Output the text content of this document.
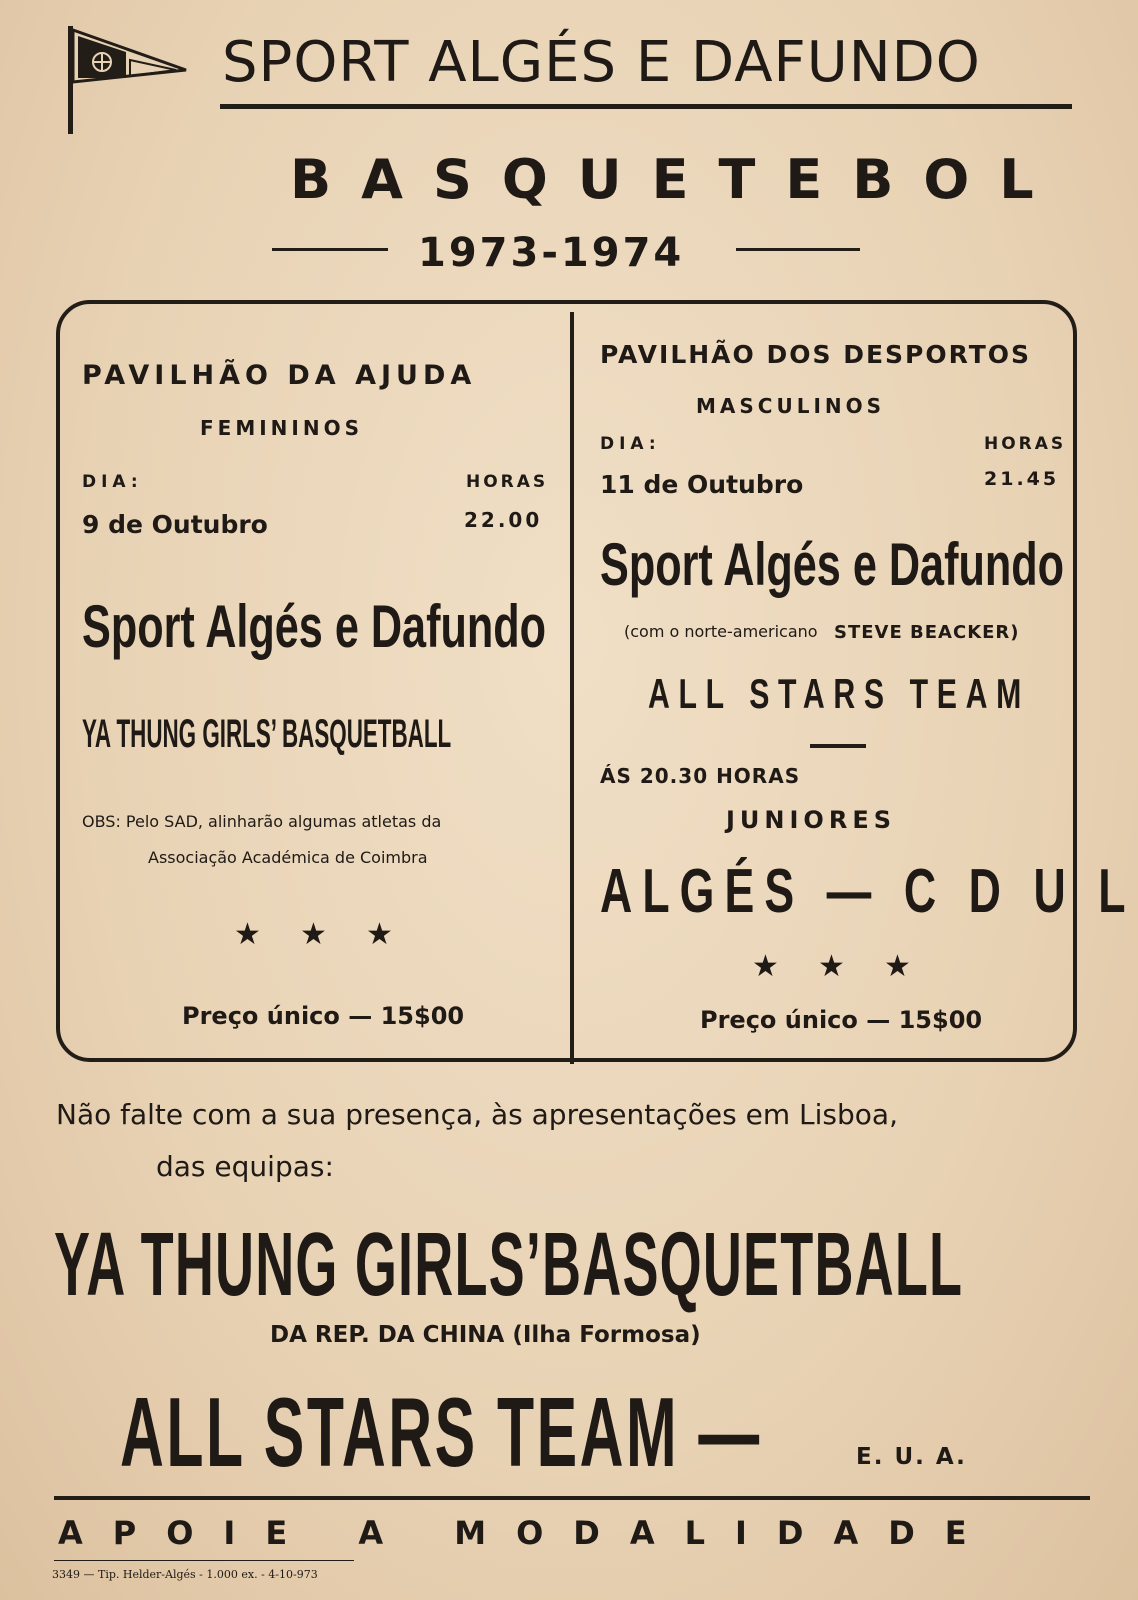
SPORT ALGÉS E DAFUNDO
BASQUETEBOL
1973-1974
PAVILHÃO DA AJUDA
FEMININOS
DIA:	HORAS
9 de Outubro	22.00
Sport Algés e Dafundo
YA THUNG GIRLS’ BASQUETBALL
OBS: Pelo SAD, alinharão algumas atletas da
Associação Académica de Coimbra
★ ★ ★
Preço único — 15$00
PAVILHÃO DOS DESPORTOS
MASCULINOS
DIA:	HORAS
11 de Outubro	21.45
Sport Algés e Dafundo
(com o norte-americano STEVE BEACKER)
ALL STARS TEAM
ÁS 20.30 HORAS
JUNIORES
ALGÉS — C D U L
★ ★ ★
Preço único — 15$00
Não falte com a sua presença, às apresentações em Lisboa,
das equipas:
YA THUNG GIRLS’BASQUETBALL
DA REP. DA CHINA (Ilha Formosa)
ALL STARS TEAM —	E. U. A.
APOIE A MODALIDADE
3349 — Tip. Helder-Algés - 1.000 ex. - 4-10-973
